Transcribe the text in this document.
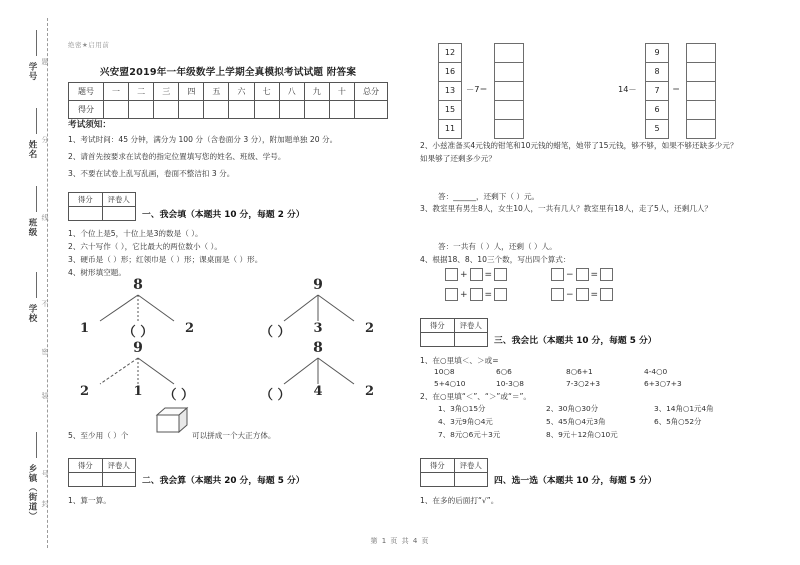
学号
题
姓名
分
班级
线
学校
不
密
装
乡镇（街道） 号
封
绝密★启用前
兴安盟2019年一年级数学上学期全真模拟考试试题 附答案
题号	一	二	三	四	五	六	七	八	九	十	总分
得分											
考试须知：
1、考试时间：45 分钟，满分为 100 分（含卷面分 3 分），附加题单独 20 分。
2、请首先按要求在试卷的指定位置填写您的姓名、班级、学号。
3、不要在试卷上乱写乱画，卷面不整洁扣 3 分。
得分	评卷人

一、我会填（本题共 10 分，每题 2 分）
1、个位上是5，十位上是3的数是（ ）。
2、六十写作（ ），它比最大的两位数小（ ）。
3、硬币是（ ）形；红领巾是（ ）形；课桌面是（ ）形。
4、树形填空题。
8
1	（ ） 2
9
（ ） 3	2
9
2	1 （ ）
8
（ ） 4	2
5、至少用（ ）个	可以拼成一个大正方体。
得分	评卷人

二、我会算（本题共 20 分，每题 5 分）
1、算一算。
12
16
13
15
11
－7＝	14－
9
8
7
6
5
＝
2、小兹准备买4元钱的钳笔和10元钱的蜡笔，她带了15元钱，够不够，如果不够还缺多少元？
如果够了还剩多少元？
答：______，还剩下（ ）元。
3、教室里有男生8人，女生10人，一共有几人？教室里有18人，走了5人，还剩几人？
答：一共有（ ）人，还剩（ ）人。
4、根据18、8、10三个数，写出四个算式：
+ =	− =
+ =	− =
得分	评卷人

三、我会比（本题共 10 分，每题 5 分）
1、在○里填＜、＞或=
10○8	6○6	8○6+1	4-4○0
5+4○10	10-3○8	7-3○2+3	6+3○7+3
2、在○里填“＜”、“＞”或“＝”。
1、3角○15分	2、30角○30分	3、14角○1元4角
4、3元9角○4元	5、45角○4元3角	6、5角○52分
7、8元○6元＋3元	8、9元＋12角○10元
得分	评卷人

四、选一选（本题共 10 分，每题 5 分）
1、在多的后面打“√”。
第 1 页 共 4 页
